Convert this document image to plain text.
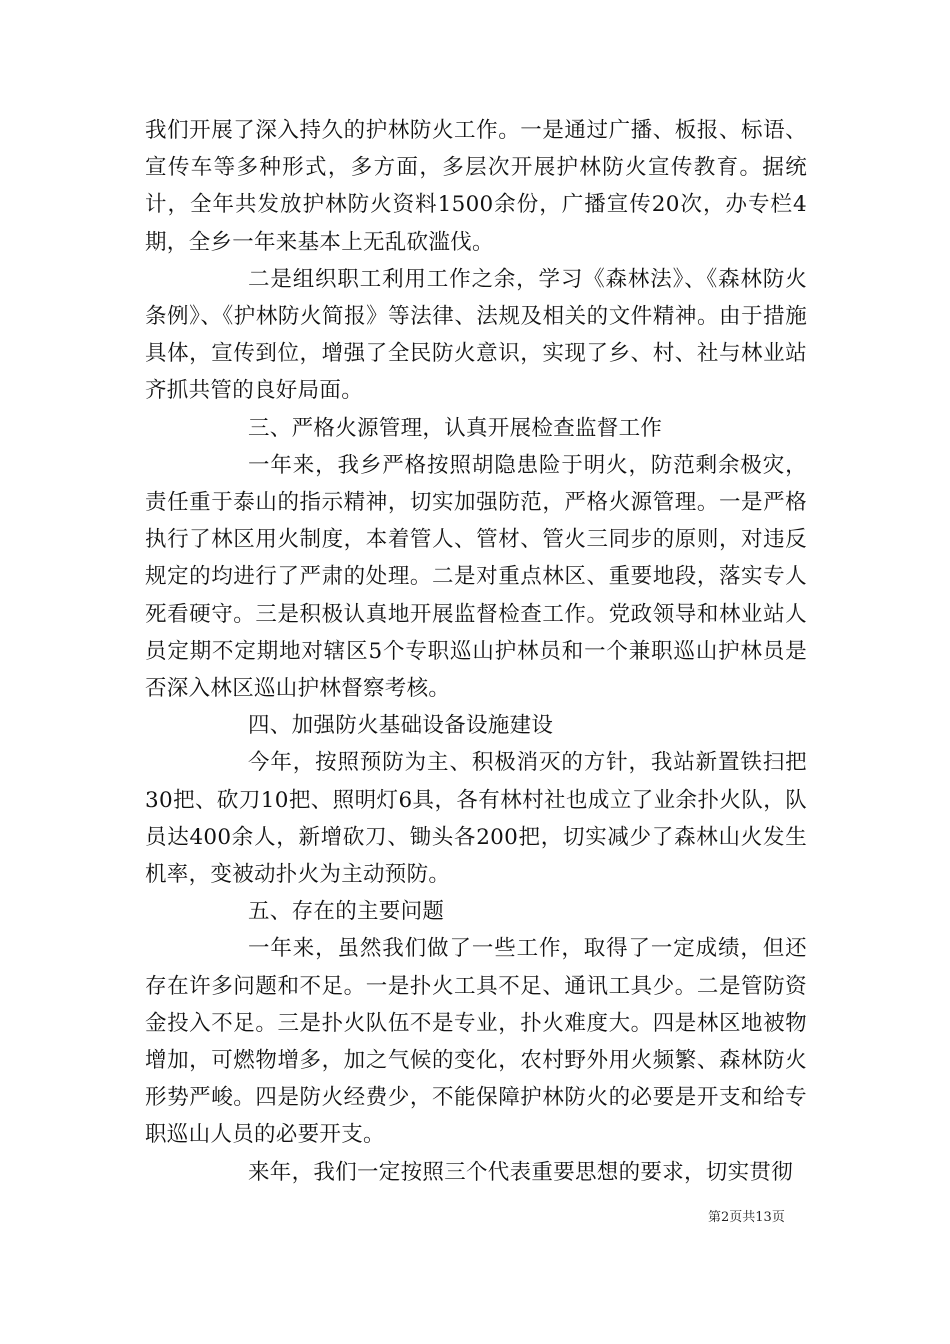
我们开展了深入持久的护林防火工作。一是通过广播、板报、标语、宣传车等多种形式，多方面，多层次开展护林防火宣传教育。据统计，全年共发放护林防火资料1500余份，广播宣传20次，办专栏4期，全乡一年来基本上无乱砍滥伐。

二是组织职工利用工作之余，学习《森林法》、《森林防火条例》、《护林防火简报》等法律、法规及相关的文件精神。由于措施具体，宣传到位，增强了全民防火意识，实现了乡、村、社与林业站齐抓共管的良好局面。

三、严格火源管理，认真开展检查监督工作

一年来，我乡严格按照胡隐患险于明火，防范剩余极灾，责任重于泰山的指示精神，切实加强防范，严格火源管理。一是严格执行了林区用火制度，本着管人、管材、管火三同步的原则，对违反规定的均进行了严肃的处理。二是对重点林区、重要地段，落实专人死看硬守。三是积极认真地开展监督检查工作。党政领导和林业站人员定期不定期地对辖区5个专职巡山护林员和一个兼职巡山护林员是否深入林区巡山护林督察考核。

四、加强防火基础设备设施建设

今年，按照预防为主、积极消灭的方针，我站新置铁扫把30把、砍刀10把、照明灯6具，各有林村社也成立了业余扑火队，队员达400余人，新增砍刀、锄头各200把，切实减少了森林山火发生机率，变被动扑火为主动预防。

五、存在的主要问题

一年来，虽然我们做了一些工作，取得了一定成绩，但还存在许多问题和不足。一是扑火工具不足、通讯工具少。二是管防资金投入不足。三是扑火队伍不是专业，扑火难度大。四是林区地被物增加，可燃物增多，加之气候的变化，农村野外用火频繁、森林防火形势严峻。四是防火经费少，不能保障护林防火的必要是开支和给专职巡山人员的必要开支。

来年，我们一定按照三个代表重要思想的要求，切实贯彻

第2页共13页
